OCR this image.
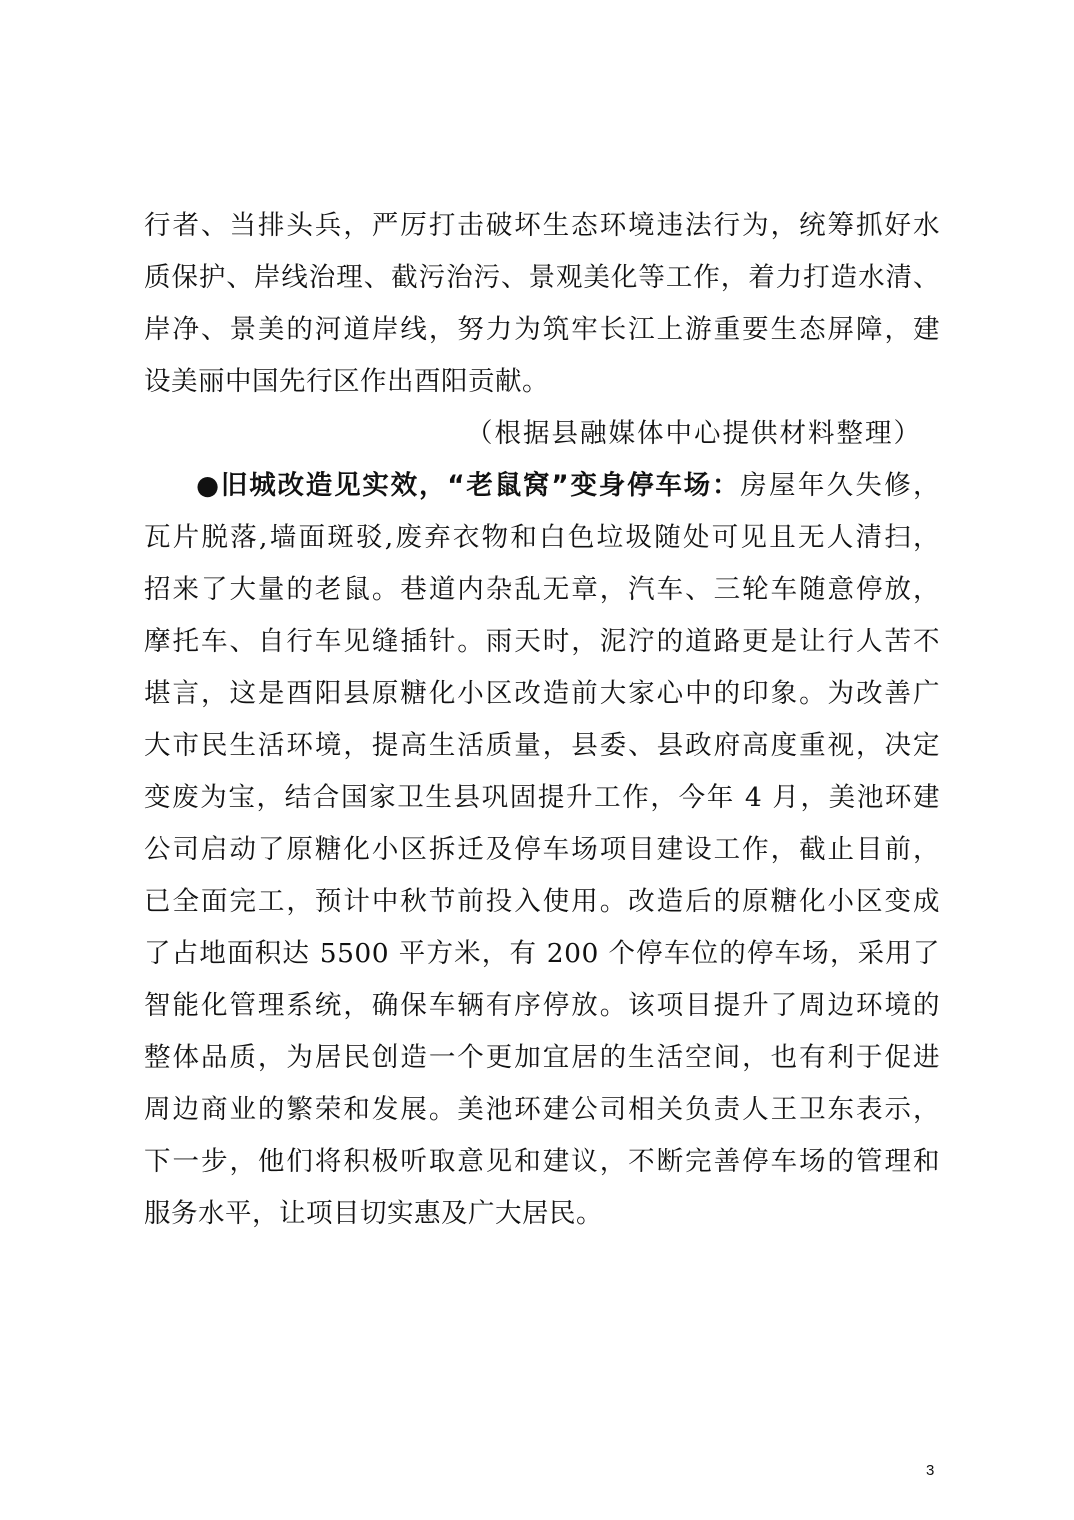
行者、当排头兵，严厉打击破坏生态环境违法行为，统筹抓好水
质保护、岸线治理、截污治污、景观美化等工作，着力打造水清、
岸净、景美的河道岸线，努力为筑牢长江上游重要生态屏障，建
设美丽中国先行区作出酉阳贡献。
（根据县融媒体中心提供材料整理）
●旧城改造见实效，“老鼠窝”变身停车场：房屋年久失修，
瓦片脱落,墙面斑驳,废弃衣物和白色垃圾随处可见且无人清扫，
招来了大量的老鼠。巷道内杂乱无章，汽车、三轮车随意停放，
摩托车、自行车见缝插针。雨天时，泥泞的道路更是让行人苦不
堪言，这是酉阳县原糖化小区改造前大家心中的印象。为改善广
大市民生活环境，提高生活质量，县委、县政府高度重视，决定
变废为宝，结合国家卫生县巩固提升工作，今年 4 月，美池环建
公司启动了原糖化小区拆迁及停车场项目建设工作，截止目前，
已全面完工，预计中秋节前投入使用。改造后的原糖化小区变成
了占地面积达 5500 平方米，有 200 个停车位的停车场，采用了
智能化管理系统，确保车辆有序停放。该项目提升了周边环境的
整体品质，为居民创造一个更加宜居的生活空间，也有利于促进
周边商业的繁荣和发展。美池环建公司相关负责人王卫东表示，
下一步，他们将积极听取意见和建议，不断完善停车场的管理和
服务水平，让项目切实惠及广大居民。
3
